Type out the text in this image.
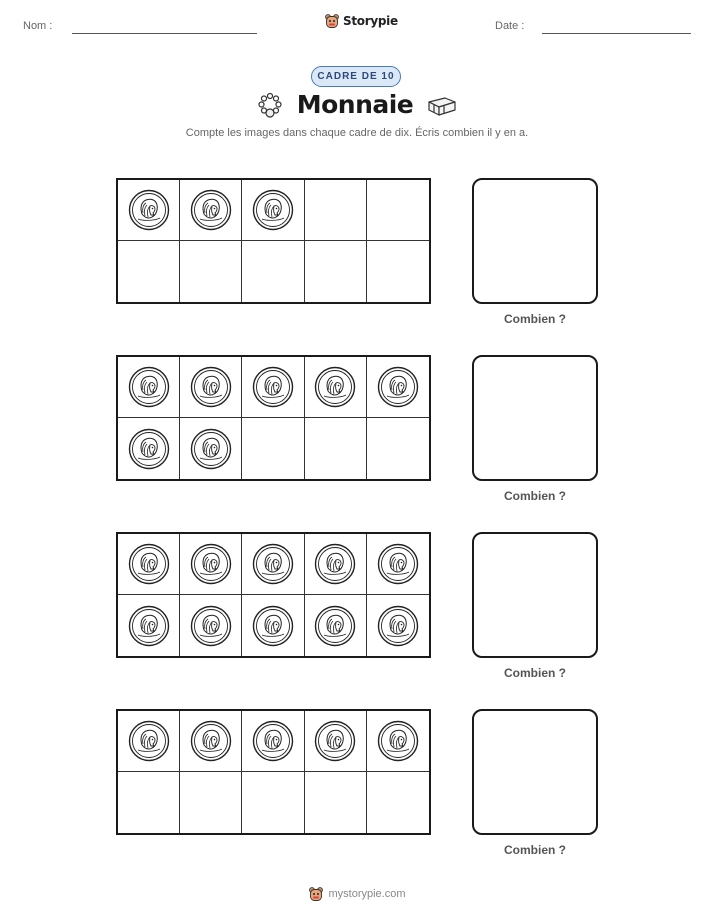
Nom :	Storypie	Date :
CADRE DE 10
Monnaie
Compte les images dans chaque cadre de dix. Écris combien il y en a.
Combien ?
Combien ?
Combien ?
Combien ?
mystorypie.com
